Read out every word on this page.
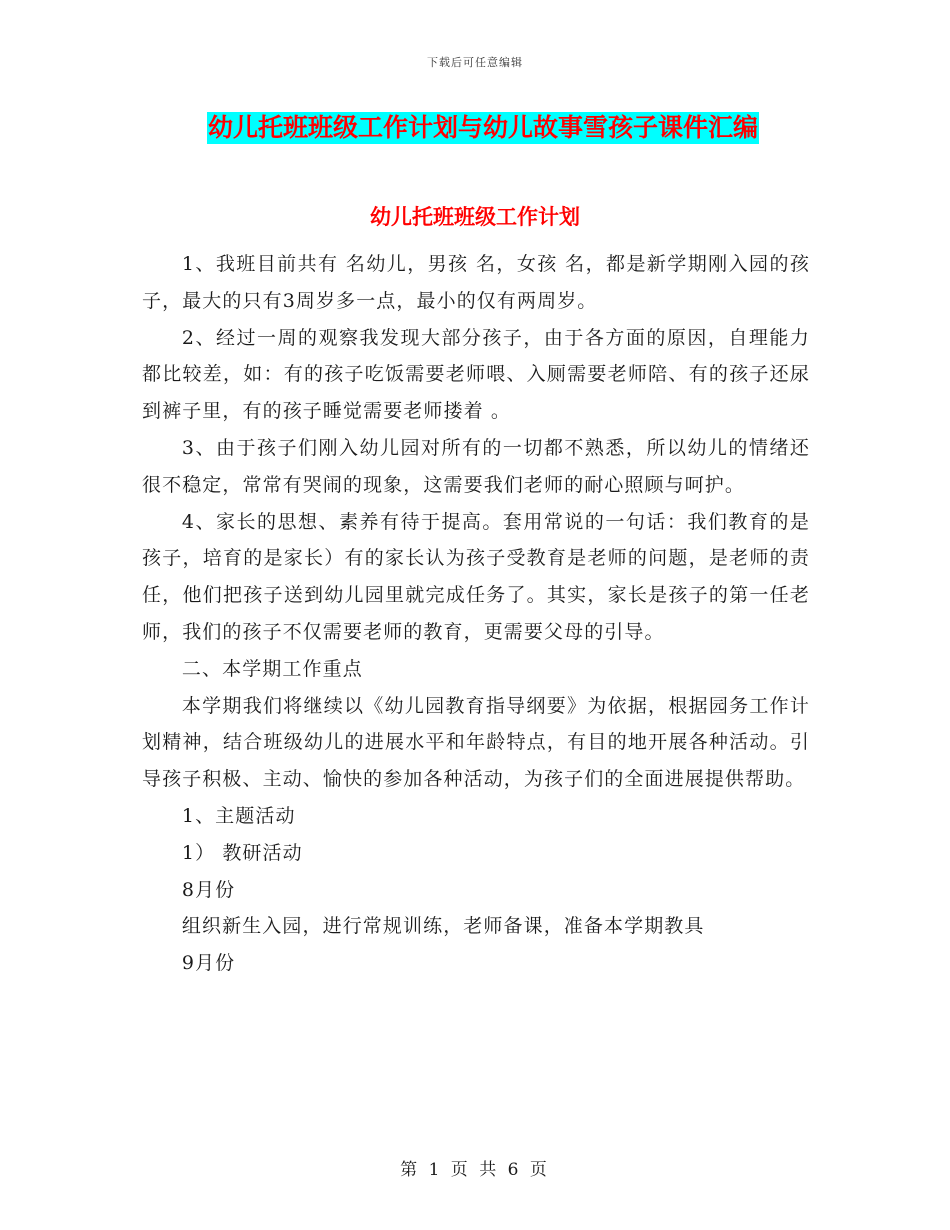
下载后可任意编辑
幼儿托班班级工作计划与幼儿故事雪孩子课件汇编
幼儿托班班级工作计划

1、我班目前共有 名幼儿，男孩 名，女孩 名，都是新学期刚入园的孩子，最大的只有3周岁多一点，最小的仅有两周岁。

2、经过一周的观察我发现大部分孩子，由于各方面的原因，自理能力都比较差，如：有的孩子吃饭需要老师喂、入厕需要老师陪、有的孩子还尿到裤子里，有的孩子睡觉需要老师搂着 。

3、由于孩子们刚入幼儿园对所有的一切都不熟悉，所以幼儿的情绪还很不稳定，常常有哭闹的现象，这需要我们老师的耐心照顾与呵护。

4、家长的思想、素养有待于提高。套用常说的一句话：我们教育的是孩子，培育的是家长）有的家长认为孩子受教育是老师的问题，是老师的责任，他们把孩子送到幼儿园里就完成任务了。其实，家长是孩子的第一任老师，我们的孩子不仅需要老师的教育，更需要父母的引导。

二、本学期工作重点

本学期我们将继续以《幼儿园教育指导纲要》为依据，根据园务工作计划精神，结合班级幼儿的进展水平和年龄特点，有目的地开展各种活动。引导孩子积极、主动、愉快的参加各种活动，为孩子们的全面进展提供帮助。

1、主题活动

1） 教研活动

8月份

组织新生入园，进行常规训练，老师备课，准备本学期教具

9月份

第 1 页 共 6 页
